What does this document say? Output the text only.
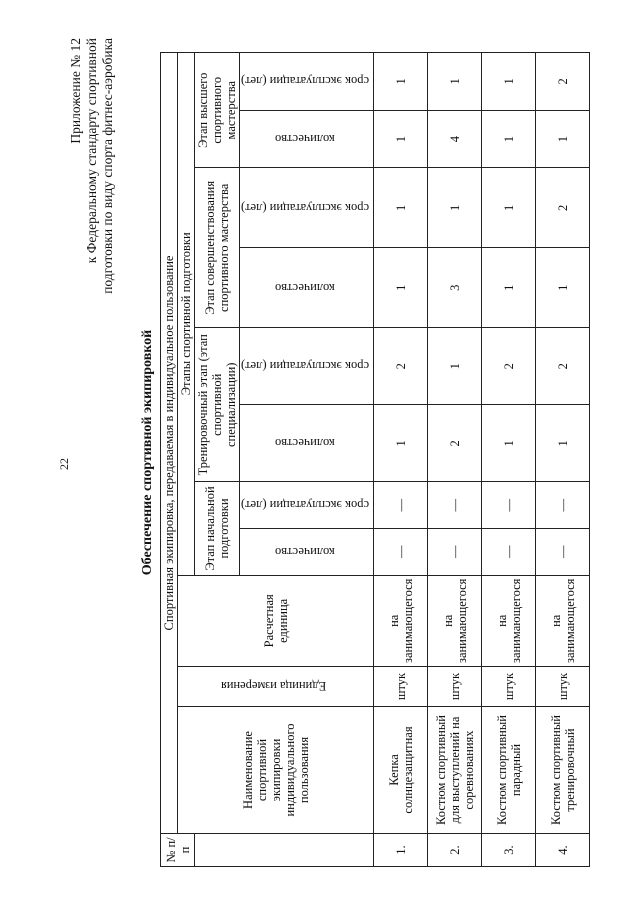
22
Приложение № 12 к Федеральному стандарту спортивной подготовки по виду спорта фитнес-аэробика
Обеспечение спортивной экипировкой
№ п/п	Спортивная экипировка, передаваемая в индивидуальное пользование										
	Наименование спортивной экипировки индивидуального пользования	Единица измерения	Расчетная единица	Этапы спортивной подготовки							
				Этап начальной подготовки		Тренировочный этап (этап спортивной специализации)		Этап совершенствования спортивного мастерства		Этап высшего спортивного мастерства	
				количество	срок эксплуатации (лет)	количество	срок эксплуатации (лет)	количество	срок эксплуатации (лет)	количество	срок эксплуатации (лет)
1.	Кепка солнцезащитная	штук	на занимающегося	—	—	1	2	1	1	1	1
2.	Костюм спортивный для выступлений на соревнованиях	штук	на занимающегося	—	—	2	1	3	1	4	1
3.	Костюм спортивный парадный	штук	на занимающегося	—	—	1	2	1	1	1	1
4.	Костюм спортивный тренировочный	штук	на занимающегося	—	—	1	2	1	2	1	2
